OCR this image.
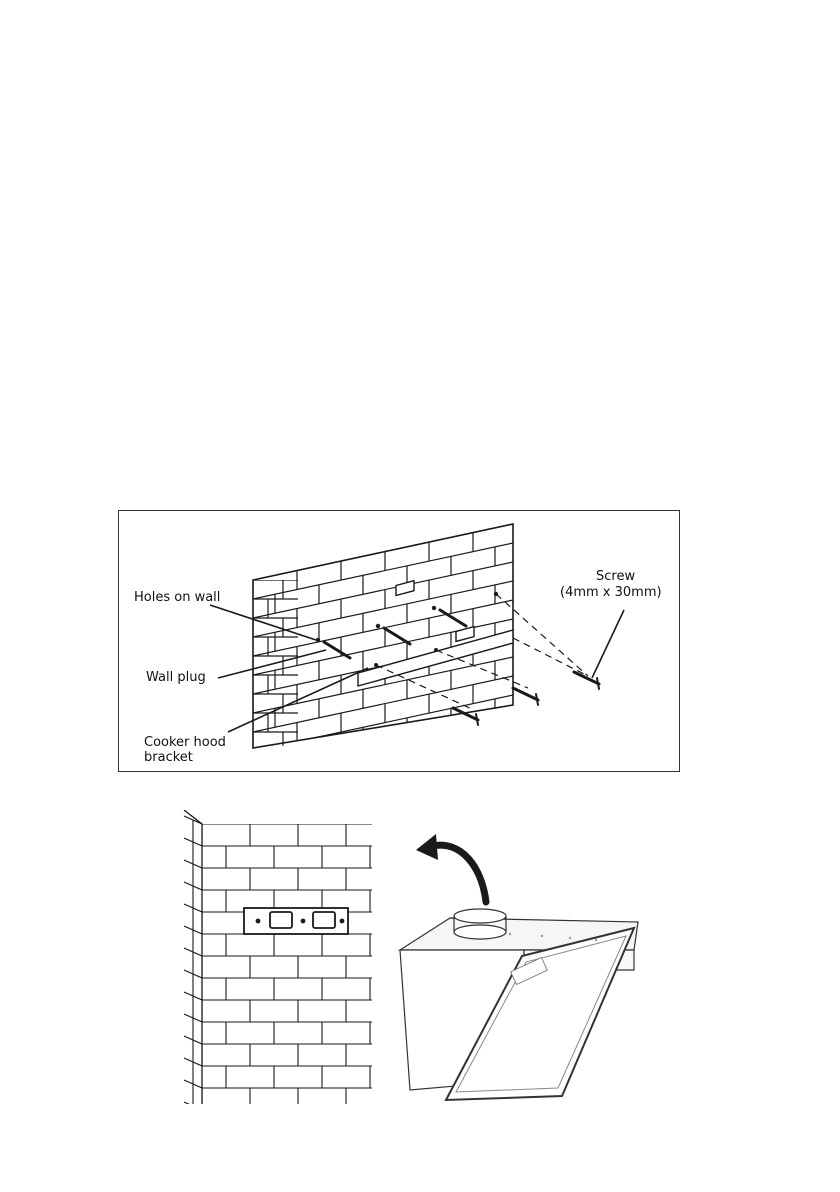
Holes on wall
Wall plug
Cooker hood
bracket
Screw
(4mm x 30mm)
